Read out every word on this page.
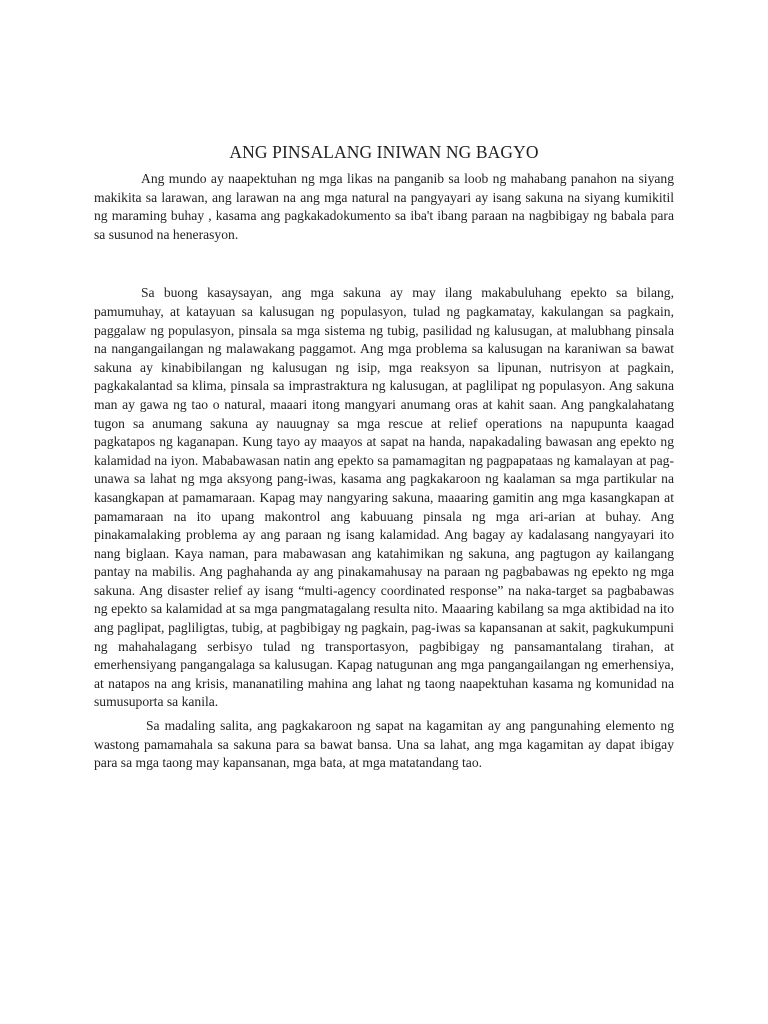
ANG PINSALANG INIWAN NG BAGYO

Ang mundo ay naapektuhan ng mga likas na panganib sa loob ng mahabang panahon na siyang makikita sa larawan, ang larawan na ang mga natural na pangyayari ay isang sakuna na siyang kumikitil ng maraming buhay , kasama ang pagkakadokumento sa iba't ibang paraan na nagbibigay ng babala para sa susunod na henerasyon.

Sa buong kasaysayan, ang mga sakuna ay may ilang makabuluhang epekto sa bilang, pamumuhay, at katayuan sa kalusugan ng populasyon, tulad ng pagkamatay, kakulangan sa pagkain, paggalaw ng populasyon, pinsala sa mga sistema ng tubig, pasilidad ng kalusugan, at malubhang pinsala na nangangailangan ng malawakang paggamot. Ang mga problema sa kalusugan na karaniwan sa bawat sakuna ay kinabibilangan ng kalusugan ng isip, mga reaksyon sa lipunan, nutrisyon at pagkain, pagkakalantad sa klima, pinsala sa imprastraktura ng kalusugan, at paglilipat ng populasyon. Ang sakuna man ay gawa ng tao o natural, maaari itong mangyari anumang oras at kahit saan. Ang pangkalahatang tugon sa anumang sakuna ay nauugnay sa mga rescue at relief operations na napupunta kaagad pagkatapos ng kaganapan. Kung tayo ay maayos at sapat na handa, napakadaling bawasan ang epekto ng kalamidad na iyon. Mababawasan natin ang epekto sa pamamagitan ng pagpapataas ng kamalayan at pag-unawa sa lahat ng mga aksyong pang-iwas, kasama ang pagkakaroon ng kaalaman sa mga partikular na kasangkapan at pamamaraan. Kapag may nangyaring sakuna, maaaring gamitin ang mga kasangkapan at pamamaraan na ito upang makontrol ang kabuuang pinsala ng mga ari-arian at buhay. Ang pinakamalaking problema ay ang paraan ng isang kalamidad. Ang bagay ay kadalasang nangyayari ito nang biglaan. Kaya naman, para mabawasan ang katahimikan ng sakuna, ang pagtugon ay kailangang pantay na mabilis. Ang paghahanda ay ang pinakamahusay na paraan ng pagbabawas ng epekto ng mga sakuna. Ang disaster relief ay isang “multi-agency coordinated response” na naka-target sa pagbabawas ng epekto sa kalamidad at sa mga pangmatagalang resulta nito. Maaaring kabilang sa mga aktibidad na ito ang paglipat, pagliligtas, tubig, at pagbibigay ng pagkain, pag-iwas sa kapansanan at sakit, pagkukumpuni ng mahahalagang serbisyo tulad ng transportasyon, pagbibigay ng pansamantalang tirahan, at emerhensiyang pangangalaga sa kalusugan. Kapag natugunan ang mga pangangailangan ng emerhensiya, at natapos na ang krisis, mananatiling mahina ang lahat ng taong naapektuhan kasama ng komunidad na sumusuporta sa kanila.

Sa madaling salita, ang pagkakaroon ng sapat na kagamitan ay ang pangunahing elemento ng wastong pamamahala sa sakuna para sa bawat bansa. Una sa lahat, ang mga kagamitan ay dapat ibigay para sa mga taong may kapansanan, mga bata, at mga matatandang tao.
